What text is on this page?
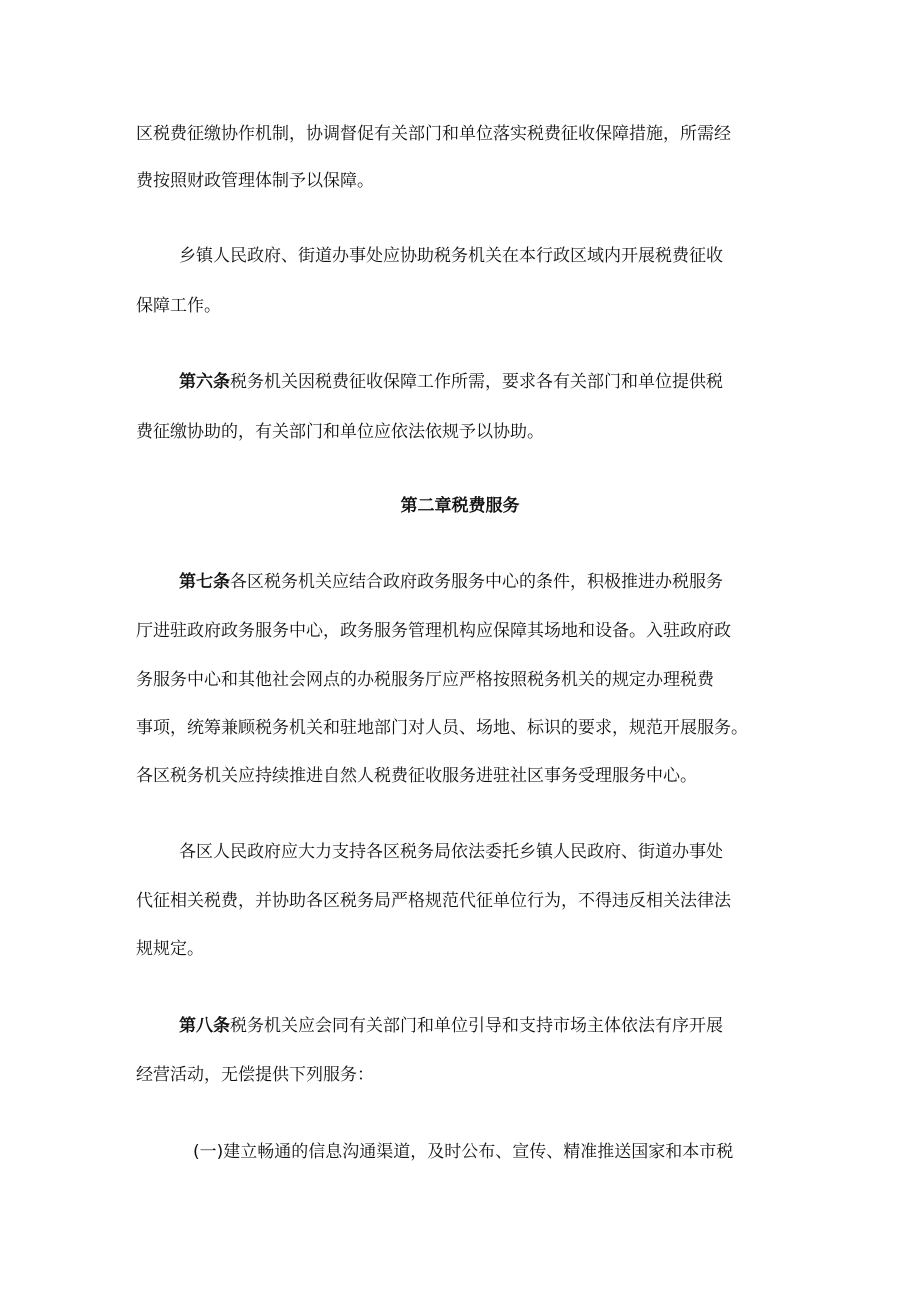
区税费征缴协作机制，协调督促有关部门和单位落实税费征收保障措施，所需经
费按照财政管理体制予以保障。
乡镇人民政府、街道办事处应协助税务机关在本行政区域内开展税费征收
保障工作。
第六条税务机关因税费征收保障工作所需，要求各有关部门和单位提供税
费征缴协助的，有关部门和单位应依法依规予以协助。
第二章税费服务
第七条各区税务机关应结合政府政务服务中心的条件，积极推进办税服务
厅进驻政府政务服务中心，政务服务管理机构应保障其场地和设备。入驻政府政
务服务中心和其他社会网点的办税服务厅应严格按照税务机关的规定办理税费
事项，统筹兼顾税务机关和驻地部门对人员、场地、标识的要求，规范开展服务。
各区税务机关应持续推进自然人税费征收服务进驻社区事务受理服务中心。
各区人民政府应大力支持各区税务局依法委托乡镇人民政府、街道办事处
代征相关税费，并协助各区税务局严格规范代征单位行为，不得违反相关法律法
规规定。
第八条税务机关应会同有关部门和单位引导和支持市场主体依法有序开展
经营活动，无偿提供下列服务：
(一)建立畅通的信息沟通渠道，及时公布、宣传、精准推送国家和本市税
